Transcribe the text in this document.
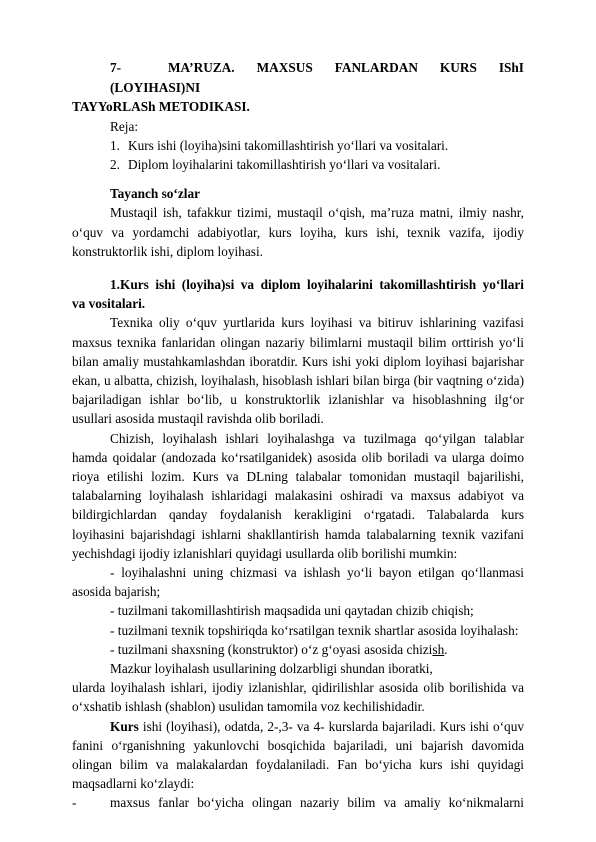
7-	MA’RUZA. MAXSUS FANLARDAN KURS IShI (LOYIHASI)NI
TAYYoRLASh METODIKASI.
Reja:
1. Kurs ishi (loyiha)sini takomillashtirish yo‘llari va vositalari.
2. Diplom loyihalarini takomillashtirish yo‘llari va vositalari.
Tayanch so‘zlar
Mustaqil ish, tafakkur tizimi, mustaqil o‘qish, ma’ruza matni, ilmiy nashr, o‘quv va yordamchi adabiyotlar, kurs loyiha, kurs ishi, texnik vazifa, ijodiy konstruktorlik ishi, diplom loyihasi.
1.Kurs ishi (loyiha)si va diplom loyihalarini takomillashtirish yo‘llari
va vositalari.
Texnika oliy o‘quv yurtlarida kurs loyihasi va bitiruv ishlarining vazifasi maxsus texnika fanlaridan olingan nazariy bilimlarni mustaqil bilim orttirish yo‘li bilan amaliy mustahkamlashdan iboratdir. Kurs ishi yoki diplom loyihasi bajarishar ekan, u albatta, chizish, loyihalash, hisoblash ishlari bilan birga (bir vaqtning o‘zida) bajariladigan ishlar bo‘lib, u konstruktorlik izlanishlar va hisoblashning ilg‘or usullari asosida mustaqil ravishda olib boriladi.
Chizish, loyihalash ishlari loyihalashga va tuzilmaga qo‘yilgan talablar hamda qoidalar (andozada ko‘rsatilganidek) asosida olib boriladi va ularga doimo rioya etilishi lozim. Kurs va DLning talabalar tomonidan mustaqil bajarilishi, talabalarning loyihalash ishlaridagi malakasini oshiradi va maxsus adabiyot va bildirgichlardan qanday foydalanish kerakligini o‘rgatadi. Talabalarda kurs loyihasini bajarishdagi ishlarni shakllantirish hamda talabalarning texnik vazifani yechishdagi ijodiy izlanishlari quyidagi usullarda olib borilishi mumkin:
- loyihalashni uning chizmasi va ishlash yo‘li bayon etilgan qo‘llanmasi asosida bajarish;
- tuzilmani takomillashtirish maqsadida uni qaytadan chizib chiqish;
- tuzilmani texnik topshiriqda ko‘rsatilgan texnik shartlar asosida loyihalash:
- tuzilmani shaxsning (konstruktor) o‘z g‘oyasi asosida chizish.
Mazkur loyihalash usullarining dolzarbligi shundan iboratki,
ularda loyihalash ishlari, ijodiy izlanishlar, qidirilishlar asosida olib borilishida va o‘xshatib ishlash (shablon) usulidan tamomila voz kechilishidadir.
Kurs ishi (loyihasi), odatda, 2-,3- va 4- kurslarda bajariladi. Kurs ishi o‘quv fanini o‘rganishning yakunlovchi bosqichida bajariladi, uni bajarish davomida olingan bilim va malakalardan foydalaniladi. Fan bo‘yicha kurs ishi quyidagi maqsadlarni ko‘zlaydi:
-	maxsus fanlar bo‘yicha olingan nazariy bilim va amaliy ko‘nikmalarni
